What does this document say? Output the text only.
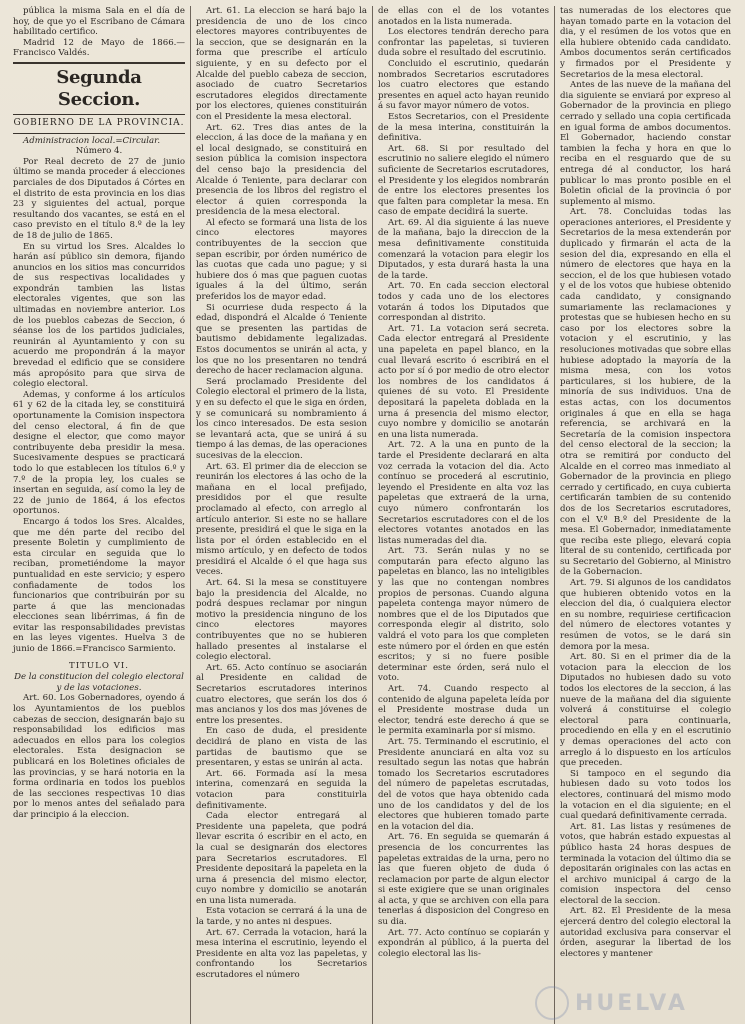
pública la misma Sala en el día de hoy, de que yo el Escribano de Cámara habilitado certifico.

Madrid 12 de Mayo de 1866.— Francisco Valdés.

Segunda Seccion.
GOBIERNO DE LA PROVINCIA.

Administracion local.=Circular.

Número 4.

Por Real decreto de 27 de junio último se manda proceder á elecciones parciales de dos Diputados á Córtes en el distrito de esta provincia en los dias 23 y siguientes del actual, porque resultando dos vacantes, se está en el caso previsto en el título 8.º de la ley de 18 de julio de 1865.

En su virtud los Sres. Alcaldes lo harán así público sin demora, fijando anuncios en los sitios mas concurridos de sus respectivas localidades y expondrán tambien las listas electorales vigentes, que son las ultimadas en noviembre anterior. Los de los pueblos cabezas de Seccion, ó séanse los de los partidos judiciales, reunirán al Ayuntamiento y con su acuerdo me propondrán á la mayor brevedad el edificio que se considere más apropósito para que sirva de colegio electoral.

Ademas, y conforme á los artículos 61 y 62 de la citada ley, se constituirá oportunamente la Comision inspectora del censo electoral, á fin de que designe el elector, que como mayor contribuyente deba presidir la mesa. Sucesivamente despues se practicará todo lo que establecen los títulos 6.º y 7.º de la propia ley, los cuales se insertan en seguida, así como la ley de 22 de junio de 1864, á los efectos oportunos.

Encargo á todos los Sres. Alcaldes, que me dén parte del recibo del presente Boletin y cumplimiento de esta circular en seguida que lo reciban, prometiéndome la mayor puntualidad en este servicio; y espero confiadamente de todos los funcionarios que contribuirán por su parte á que las mencionadas elecciones sean libérrimas, á fin de evitar las responsabilidades previstas en las leyes vigentes. Huelva 3 de junio de 1866.=Francisco Sarmiento.

TITULO VI.

De la constitucion del colegio electoral y de las votaciones.

Art. 60. Los Gobernadores, oyendo á los Ayuntamientos de los pueblos cabezas de seccion, designarán bajo su responsabilidad los edificios mas adecuados en ellos para los colegios electorales. Esta designacion se publicará en los Boletines oficiales de las provincias, y se hará notoria en la forma ordinaria en todos los pueblos de las secciones respectivas 10 dias por lo menos antes del señalado para dar principio á la eleccion.

Art. 61. La eleccion se hará bajo la presidencia de uno de los cinco electores mayores contribuyentes de la seccion, que se designarán en la forma que prescribe el artículo siguiente, y en su defecto por el Alcalde del pueblo cabeza de seccion, asociado de cuatro Secretarios escrutadores elegidos directamente por los electores, quienes constituirán con el Presidente la mesa electoral.

Art. 62. Tres dias antes de la eleccion, á las doce de la mañana y en el local designado, se constituirá en sesion pública la comision inspectora del censo bajo la presidencia del Alcalde ó Teniente, para declarar con presencia de los libros del registro el elector á quien corresponda la presidencia de la mesa electoral.

Al efecto se formará una lista de los cinco electores mayores contribuyentes de la seccion que sepan escribir, por órden numérico de las cuotas que cada uno pague; y si hubiere dos ó mas que paguen cuotas iguales á la del último, serán preferidos los de mayor edad.

Si ocurriese duda respecto á la edad, dispondrá el Alcalde ó Teniente que se presenten las partidas de bautismo debidamente legalizadas. Estos documentos se unirán al acta, y los que no los presentaren no tendrá derecho de hacer reclamacion alguna.

Será proclamado Presidente del Colegio electoral el primero de la lista, y en su defecto el que le siga en órden, y se comunicará su nombramiento á los cinco interesados. De esta sesion se levantará acta, que se unirá á su tiempo á las demas, de las operaciones sucesivas de la eleccion.

Art. 63. El primer dia de eleccion se reunirán los electores á las ocho de la mañana en el local prefijado, presididos por el que resulte proclamado al efecto, con arreglo al artículo anterior. Si este no se hallare presente, presidirá el que le siga en la lista por el órden establecido en el mismo artículo, y en defecto de todos presidirá el Alcalde ó el que haga sus veces.

Art. 64. Si la mesa se constituyere bajo la presidencia del Alcalde, no podrá despues reclamar por ningun motivo la presidencia ninguno de los cinco electores mayores contribuyentes que no se hubieren hallado presentes al instalarse el colegio electoral.

Art. 65. Acto contínuo se asociarán al Presidente en calidad de Secretarios escrutadores interinos cuatro electores, que serán los dos ó mas ancianos y los dos mas jóvenes de entre los presentes.

En caso de duda, el presidente decidirá de plano en vista de las partidas de bautismo que se presentaren, y estas se unirán al acta.

Art. 66. Formada así la mesa interina, comenzará en seguida la votacion para constituirla definitivamente.

Cada elector entregará al Presidente una papeleta, que podrá llevar escrita ó escribir en el acto, en la cual se designarán dos electores para Secretarios escrutadores. El Presidente depositará la papeleta en la urna á presencia del mismo elector, cuyo nombre y domicilio se anotarán en una lista numerada.

Esta votacion se cerrará á la una de la tarde, y no antes ni despues.

Art. 67. Cerrada la votacion, hará la mesa interina el escrutinio, leyendo el Presidente en alta voz las papeletas, y confrontando los Secretarios escrutadores el número

de ellas con el de los votantes anotados en la lista numerada.

Los electores tendrán derecho para confrontar las papeletas, si tuvieren duda sobre el resultado del escrutinio.

Concluido el escrutinio, quedarán nombrados Secretarios escrutadores los cuatro electores que estando presentes en aquel acto hayan reunido á su favor mayor número de votos.

Estos Secretarios, con el Presidente de la mesa interina, constituirán la definitiva.

Art. 68. Si por resultado del escrutinio no saliere elegido el número suficiente de Secretarios escrutadores, el Presidente y los elegidos nombrarán de entre los electores presentes los que falten para completar la mesa. En caso de empate decidirá la suerte.

Art. 69. Al dia siguiente á las nueve de la mañana, bajo la direccion de la mesa definitivamente constituida comenzará la votacion para elegir los Diputados, y esta durará hasta la una de la tarde.

Art. 70. En cada seccion electoral todos y cada uno de los electores votarán á todos los Diputados que correspondan al distrito.

Art. 71. La votacion será secreta. Cada elector entregará al Presidente una papeleta en papel blanco, en la cual llevará escrito ó escribirá en el acto por sí ó por medio de otro elector los nombres de los candidatos á quienes dé su voto. El Presidente depositará la papeleta doblada en la urna á presencia del mismo elector, cuyo nombre y domicilio se anotarán en una lista numerada.

Art. 72. A la una en punto de la tarde el Presidente declarará en alta voz cerrada la votacion del dia. Acto contínuo se procederá al escrutinio, leyendo el Presidente en alta voz las papeletas que extraerá de la urna, cuyo número confrontarán los Secretarios escrutadores con el de los electores votantes anotados en las listas numeradas del dia.

Art. 73. Serán nulas y no se computarán para efecto alguno las papeletas en blanco, las no inteligibles y las que no contengan nombres propios de personas. Cuando alguna papeleta contenga mayor número de nombres que el de los Diputados que corresponda elegir al distrito, solo valdrá el voto para los que completen este número por el órden en que estén escritos; y si no fuere posible determinar este órden, será nulo el voto.

Art. 74. Cuando respecto al contenido de alguna papeleta leída por el Presidente mostrase duda un elector, tendrá este derecho á que se le permita examinarla por sí mismo.

Art. 75. Terminando el escrutinio, el Presidente anunciará en alta voz su resultado segun las notas que habrán tomado los Secretarios escrutadores del número de papeletas escrutadas, del de votos que haya obtenido cada uno de los candidatos y del de los electores que hubieren tomado parte en la votacion del dia.

Art. 76. En seguida se quemarán á presencia de los concurrentes las papeletas extraidas de la urna, pero no las que fueren objeto de duda ó reclamacion por parte de algun elector si este exigiere que se unan originales al acta, y que se archiven con ella para tenerlas á disposicion del Congreso en su dia.

Art. 77. Acto contínuo se copiarán y expondrán al público, á la puerta del colegio electoral las lis-

tas numeradas de los electores que hayan tomado parte en la votacion del dia, y el resúmen de los votos que en ella hubiere obtenido cada candidato. Ambos documentos serán certificados y firmados por el Presidente y Secretarios de la mesa electoral.

Antes de las nueve de la mañana del dia siguiente se enviará por expreso al Gobernador de la provincia en pliego cerrado y sellado una copia certificada en igual forma de ambos documentos. El Gobernador, haciendo constar tambien la fecha y hora en que lo reciba en el resguardo que de su entrega dé al conductor, los hará publicar lo mas pronto posible en el Boletin oficial de la provincia ó por suplemento al mismo.

Art. 78. Concluidas todas las operaciones anteriores, el Presidente y Secretarios de la mesa extenderán por duplicado y firmarán el acta de la sesion del dia, expresando en ella el número de electores que haya en la seccion, el de los que hubiesen votado y el de los votos que hubiese obtenido cada candidato, y consignando sumariamente las reclamaciones y protestas que se hubiesen hecho en su caso por los electores sobre la votacion y el escrutinio, y las resoluciones motivadas que sobre ellas hubiese adoptado la mayoría de la misma mesa, con los votos particulares, si los hubiere, de la minoría de sus individuos. Una de estas actas, con los documentos originales á que en ella se haga referencia, se archivará en la Secretaría de la comision inspectora del censo electoral de la seccion; la otra se remitirá por conducto del Alcalde en el correo mas inmediato al Gobernador de la provincia en pliego cerrado y certificado, en cuya cubierta certificarán tambien de su contenido dos de los Secretarios escrutadores, con el V.º B.º del Presidente de la mesa. El Gobernador, inmediatamente que reciba este pliego, elevará copia literal de su contenido, certificada por su Secretario del Gobierno, al Ministro de la Gobernacion.

Art. 79. Si algunos de los candidatos que hubieren obtenido votos en la eleccion del dia, ó cualquiera elector en su nombre, requiriese certificacion del número de electores votantes y resúmen de votos, se le dará sin demora por la mesa.

Art. 80. Si en el primer dia de la votacion para la eleccion de los Diputados no hubiesen dado su voto todos los electores de la seccion, á las nueve de la mañana del dia siguiente volverá á constituirse el colegio electoral para continuarla, procediendo en ella y en el escrutinio y demas operaciones del acto con arreglo á lo dispuesto en los artículos que preceden.

Si tampoco en el segundo dia hubiesen dado su voto todos los electores, continuará del mismo modo la votacion en el dia siguiente; en el cual quedará definitivamente cerrada.

Art. 81. Las listas y resúmenes de votos, que habrán estado expuestas al público hasta 24 horas despues de terminada la votacion del último dia se depositarán originales con las actas en el archivo municipal á cargo de la comision inspectora del censo electoral de la seccion.

Art. 82. El Presidente de la mesa ejercerá dentro del colegio electoral la autoridad exclusiva para conservar el órden, asegurar la libertad de los electores y mantener

HUELVA
